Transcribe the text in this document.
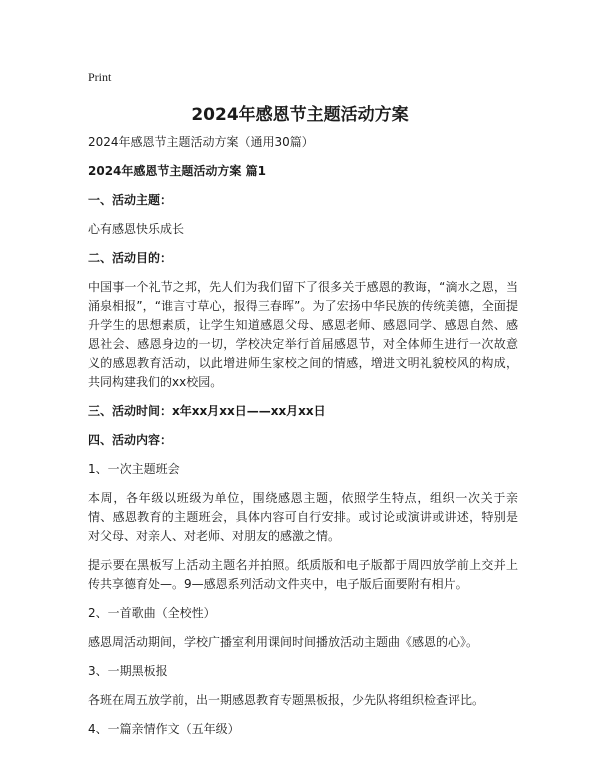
Print
2024年感恩节主题活动方案

2024年感恩节主题活动方案（通用30篇）

2024年感恩节主题活动方案 篇1

一、活动主题：

心有感恩快乐成长

二、活动目的：

中国事一个礼节之邦，先人们为我们留下了很多关于感恩的教诲，“滴水之恩，当涌泉相报”，“谁言寸草心，报得三春晖”。为了宏扬中华民族的传统美德，全面提升学生的思想素质，让学生知道感恩父母、感恩老师、感恩同学、感恩自然、感恩社会、感恩身边的一切，学校决定举行首届感恩节，对全体师生进行一次故意义的感恩教育活动，以此增进师生家校之间的情感，增进文明礼貌校风的构成，共同构建我们的xx校园。

三、活动时间：x年xx月xx日——xx月xx日

四、活动内容：

1、一次主题班会

本周，各年级以班级为单位，围绕感恩主题，依照学生特点，组织一次关于亲情、感恩教育的主题班会，具体内容可自行安排。或讨论或演讲或讲述，特别是对父母、对亲人、对老师、对朋友的感激之情。

提示要在黑板写上活动主题名并拍照。纸质版和电子版都于周四放学前上交并上传共享德育处—。9—感恩系列活动文件夹中，电子版后面要附有相片。

2、一首歌曲（全校性）

感恩周活动期间，学校广播室利用课间时间播放活动主题曲《感恩的心》。

3、一期黑板报

各班在周五放学前，出一期感恩教育专题黑板报，少先队将组织检查评比。

4、一篇亲情作文（五年级）
